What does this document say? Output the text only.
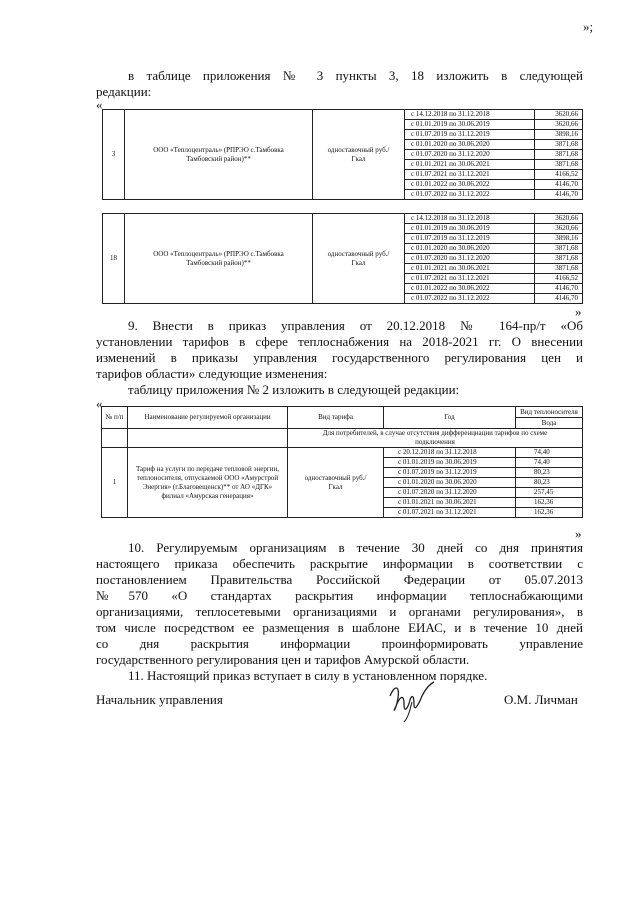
»;
в таблице приложения № 3 пункты 3, 18 изложить в следующей
редакции:
«
3	ООО «Теплоцентраль» (РПРЭО с.Тамбовка Тамбовский район)**	одноставочный руб./Гкал	с 14.12.2018 по 31.12.2018	3620,66
			с 01.01.2019 по 30.06.2019	3620,66
			с 01.07.2019 по 31.12.2019	3898,16
			с 01.01.2020 по 30.06.2020	3871,68
			с 01.07.2020 по 31.12.2020	3871,68
			с 01.01.2021 по 30.06.2021	3871,68
			с 01.07.2021 по 31.12.2021	4166,52
			с 01.01.2022 по 30.06.2022	4146,70
			с 01.07.2022 по 31.12.2022	4146,70
18	ООО «Теплоцентраль» (РПРЭО с.Тамбовка Тамбовский район)**	одноставочный руб./Гкал	с 14.12.2018 по 31.12.2018	3620,66
			с 01.01.2019 по 30.06.2019	3620,66
			с 01.07.2019 по 31.12.2019	3898,16
			с 01.01.2020 по 30.06.2020	3871,68
			с 01.07.2020 по 31.12.2020	3871,68
			с 01.01.2021 по 30.06.2021	3871,68
			с 01.07.2021 по 31.12.2021	4166,52
			с 01.01.2022 по 30.06.2022	4146,70
			с 01.07.2022 по 31.12.2022	4146,70
»
9. Внести в приказ управления от 20.12.2018 № 164-пр/т «Об
установлении тарифов в сфере теплоснабжения на 2018-2021 гг. О внесении
изменений в приказы управления государственного регулирования цен и
тарифов области» следующие изменения:
таблицу приложения № 2 изложить в следующей редакции:
«
№ п/п	Наименование регулируемой организации	Вид тарифа	Год	Вид теплоносителя
				Вода
		Для потребителей, в случае отсутствия дифференциации тарифов по схеме подключения		
1	Тариф на услуги по передаче тепловой энергии, теплоносителя, отпускаемой ООО «Амурстрой Энергия» (г.Благовещенск)** от АО «ДГК» филиал «Амурская генерация»	одноставочный руб./Гкал	с 20.12.2018 по 31.12.2018	74,40
			с 01.01.2019 по 30.06.2019	74,40
			с 01.07.2019 по 31.12.2019	80,23
			с 01.01.2020 по 30.06.2020	80,23
			с 01.07.2020 по 31.12.2020	257,45
			с 01.01.2021 по 30.06.2021	162,36
			с 01.07.2021 по 31.12.2021	162,36
»
10. Регулируемым организациям в течение 30 дней со дня принятия
настоящего приказа обеспечить раскрытие информации в соответствии с
постановлением Правительства Российской Федерации от 05.07.2013
№570 «О стандартах раскрытия информации теплоснабжающими
организациями, теплосетевыми организациями и органами регулирования», в
том числе посредством ее размещения в шаблоне ЕИАС, и в течение 10 дней
со дня раскрытия информации проинформировать управление
государственного регулирования цен и тарифов Амурской области.
11. Настоящий приказ вступает в силу в установленном порядке.
Начальник управления	О.М. Личман
